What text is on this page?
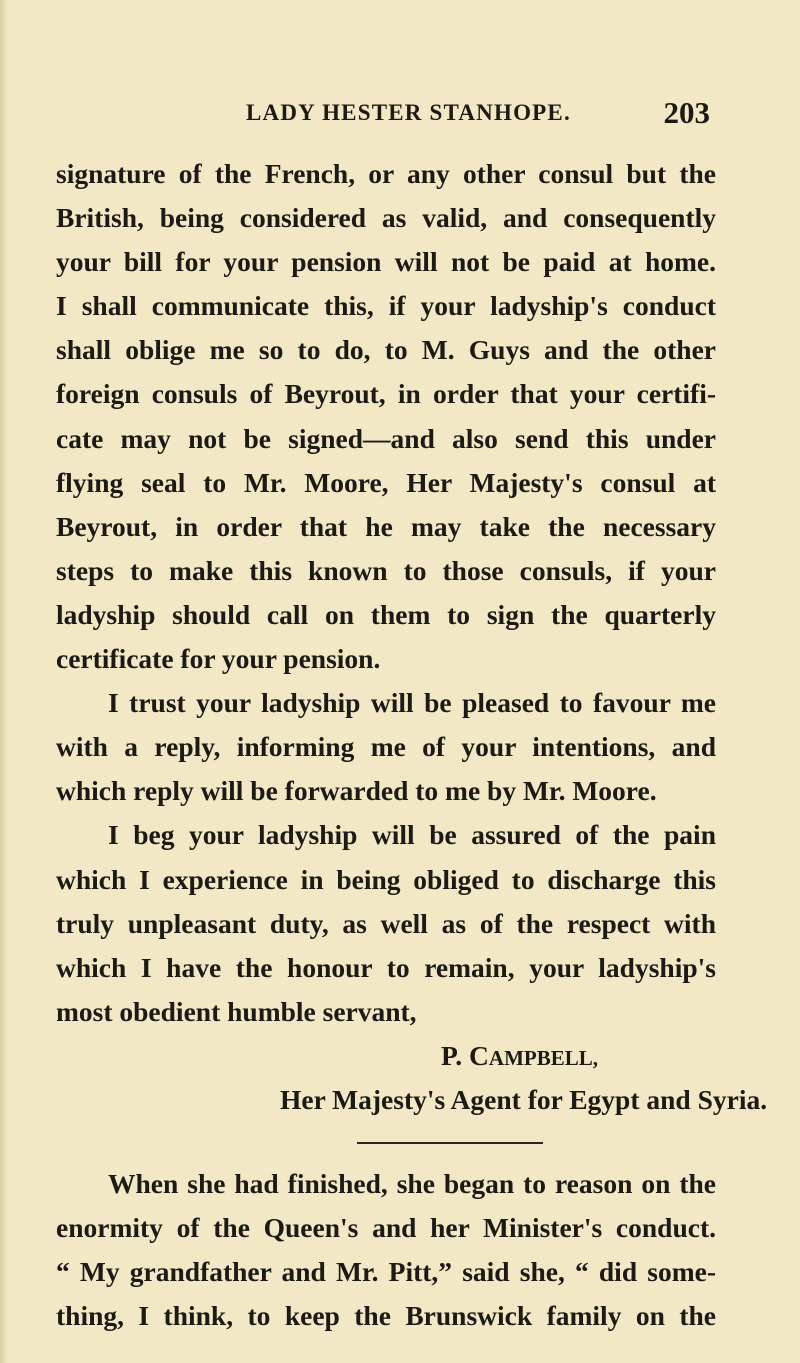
LADY HESTER STANHOPE.	203
signature of the French, or any other consul but the
British, being considered as valid, and consequently
your bill for your pension will not be paid at home.
I shall communicate this, if your ladyship's conduct
shall oblige me so to do, to M. Guys and the other
foreign consuls of Beyrout, in order that your certifi-
cate may not be signed—and also send this under
flying seal to Mr. Moore, Her Majesty's consul at
Beyrout, in order that he may take the necessary
steps to make this known to those consuls, if your
ladyship should call on them to sign the quarterly
certificate for your pension.
I trust your ladyship will be pleased to favour me
with a reply, informing me of your intentions, and
which reply will be forwarded to me by Mr. Moore.
I beg your ladyship will be assured of the pain
which I experience in being obliged to discharge this
truly unpleasant duty, as well as of the respect with
which I have the honour to remain, your ladyship's
most obedient humble servant,
P. CAMPBELL,
Her Majesty's Agent for Egypt and Syria.
When she had finished, she began to reason on the
enormity of the Queen's and her Minister's conduct.
“ My grandfather and Mr. Pitt,” said she, “ did some-
thing, I think, to keep the Brunswick family on the
